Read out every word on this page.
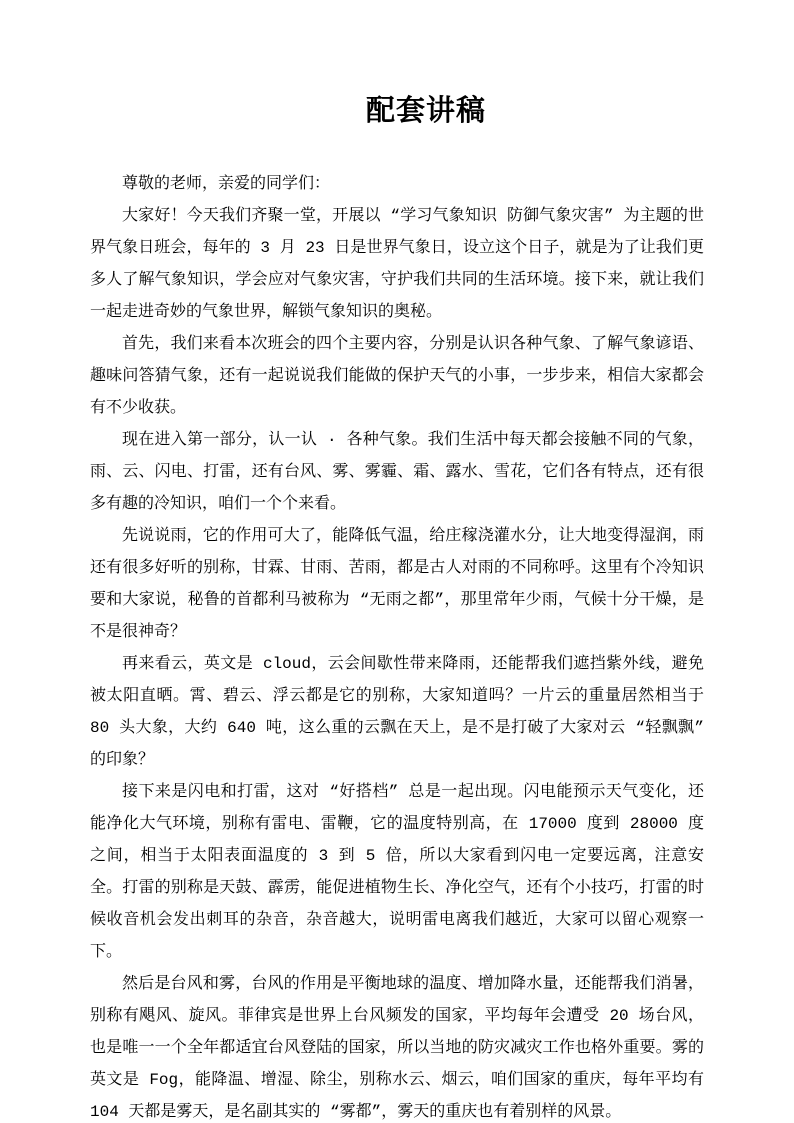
配套讲稿

尊敬的老师，亲爱的同学们：

大家好！今天我们齐聚一堂，开展以 “学习气象知识 防御气象灾害” 为主题的世界气象日班会，每年的 3 月 23 日是世界气象日，设立这个日子，就是为了让我们更多人了解气象知识，学会应对气象灾害，守护我们共同的生活环境。接下来，就让我们一起走进奇妙的气象世界，解锁气象知识的奥秘。

首先，我们来看本次班会的四个主要内容，分别是认识各种气象、了解气象谚语、趣味问答猜气象，还有一起说说我们能做的保护天气的小事，一步步来，相信大家都会有不少收获。

现在进入第一部分，认一认 · 各种气象。我们生活中每天都会接触不同的气象，雨、云、闪电、打雷，还有台风、雾、雾霾、霜、露水、雪花，它们各有特点，还有很多有趣的冷知识，咱们一个个来看。

先说说雨，它的作用可大了，能降低气温，给庄稼浇灌水分，让大地变得湿润，雨还有很多好听的别称，甘霖、甘雨、苦雨，都是古人对雨的不同称呼。这里有个冷知识要和大家说，秘鲁的首都利马被称为 “无雨之都”，那里常年少雨，气候十分干燥，是不是很神奇？

再来看云，英文是 cloud，云会间歇性带来降雨，还能帮我们遮挡紫外线，避免被太阳直晒。霄、碧云、浮云都是它的别称，大家知道吗？一片云的重量居然相当于 80 头大象，大约 640 吨，这么重的云飘在天上，是不是打破了大家对云 “轻飘飘” 的印象？

接下来是闪电和打雷，这对 “好搭档” 总是一起出现。闪电能预示天气变化，还能净化大气环境，别称有雷电、雷鞭，它的温度特别高，在 17000 度到 28000 度之间，相当于太阳表面温度的 3 到 5 倍，所以大家看到闪电一定要远离，注意安全。打雷的别称是天鼓、霹雳，能促进植物生长、净化空气，还有个小技巧，打雷的时候收音机会发出刺耳的杂音，杂音越大，说明雷电离我们越近，大家可以留心观察一下。

然后是台风和雾，台风的作用是平衡地球的温度、增加降水量，还能帮我们消暑，别称有飓风、旋风。菲律宾是世界上台风频发的国家，平均每年会遭受 20 场台风，也是唯一一个全年都适宜台风登陆的国家，所以当地的防灾减灾工作也格外重要。雾的英文是 Fog，能降温、增湿、除尘，别称水云、烟云，咱们国家的重庆，每年平均有 104 天都是雾天，是名副其实的 “雾都”，雾天的重庆也有着别样的风景。
